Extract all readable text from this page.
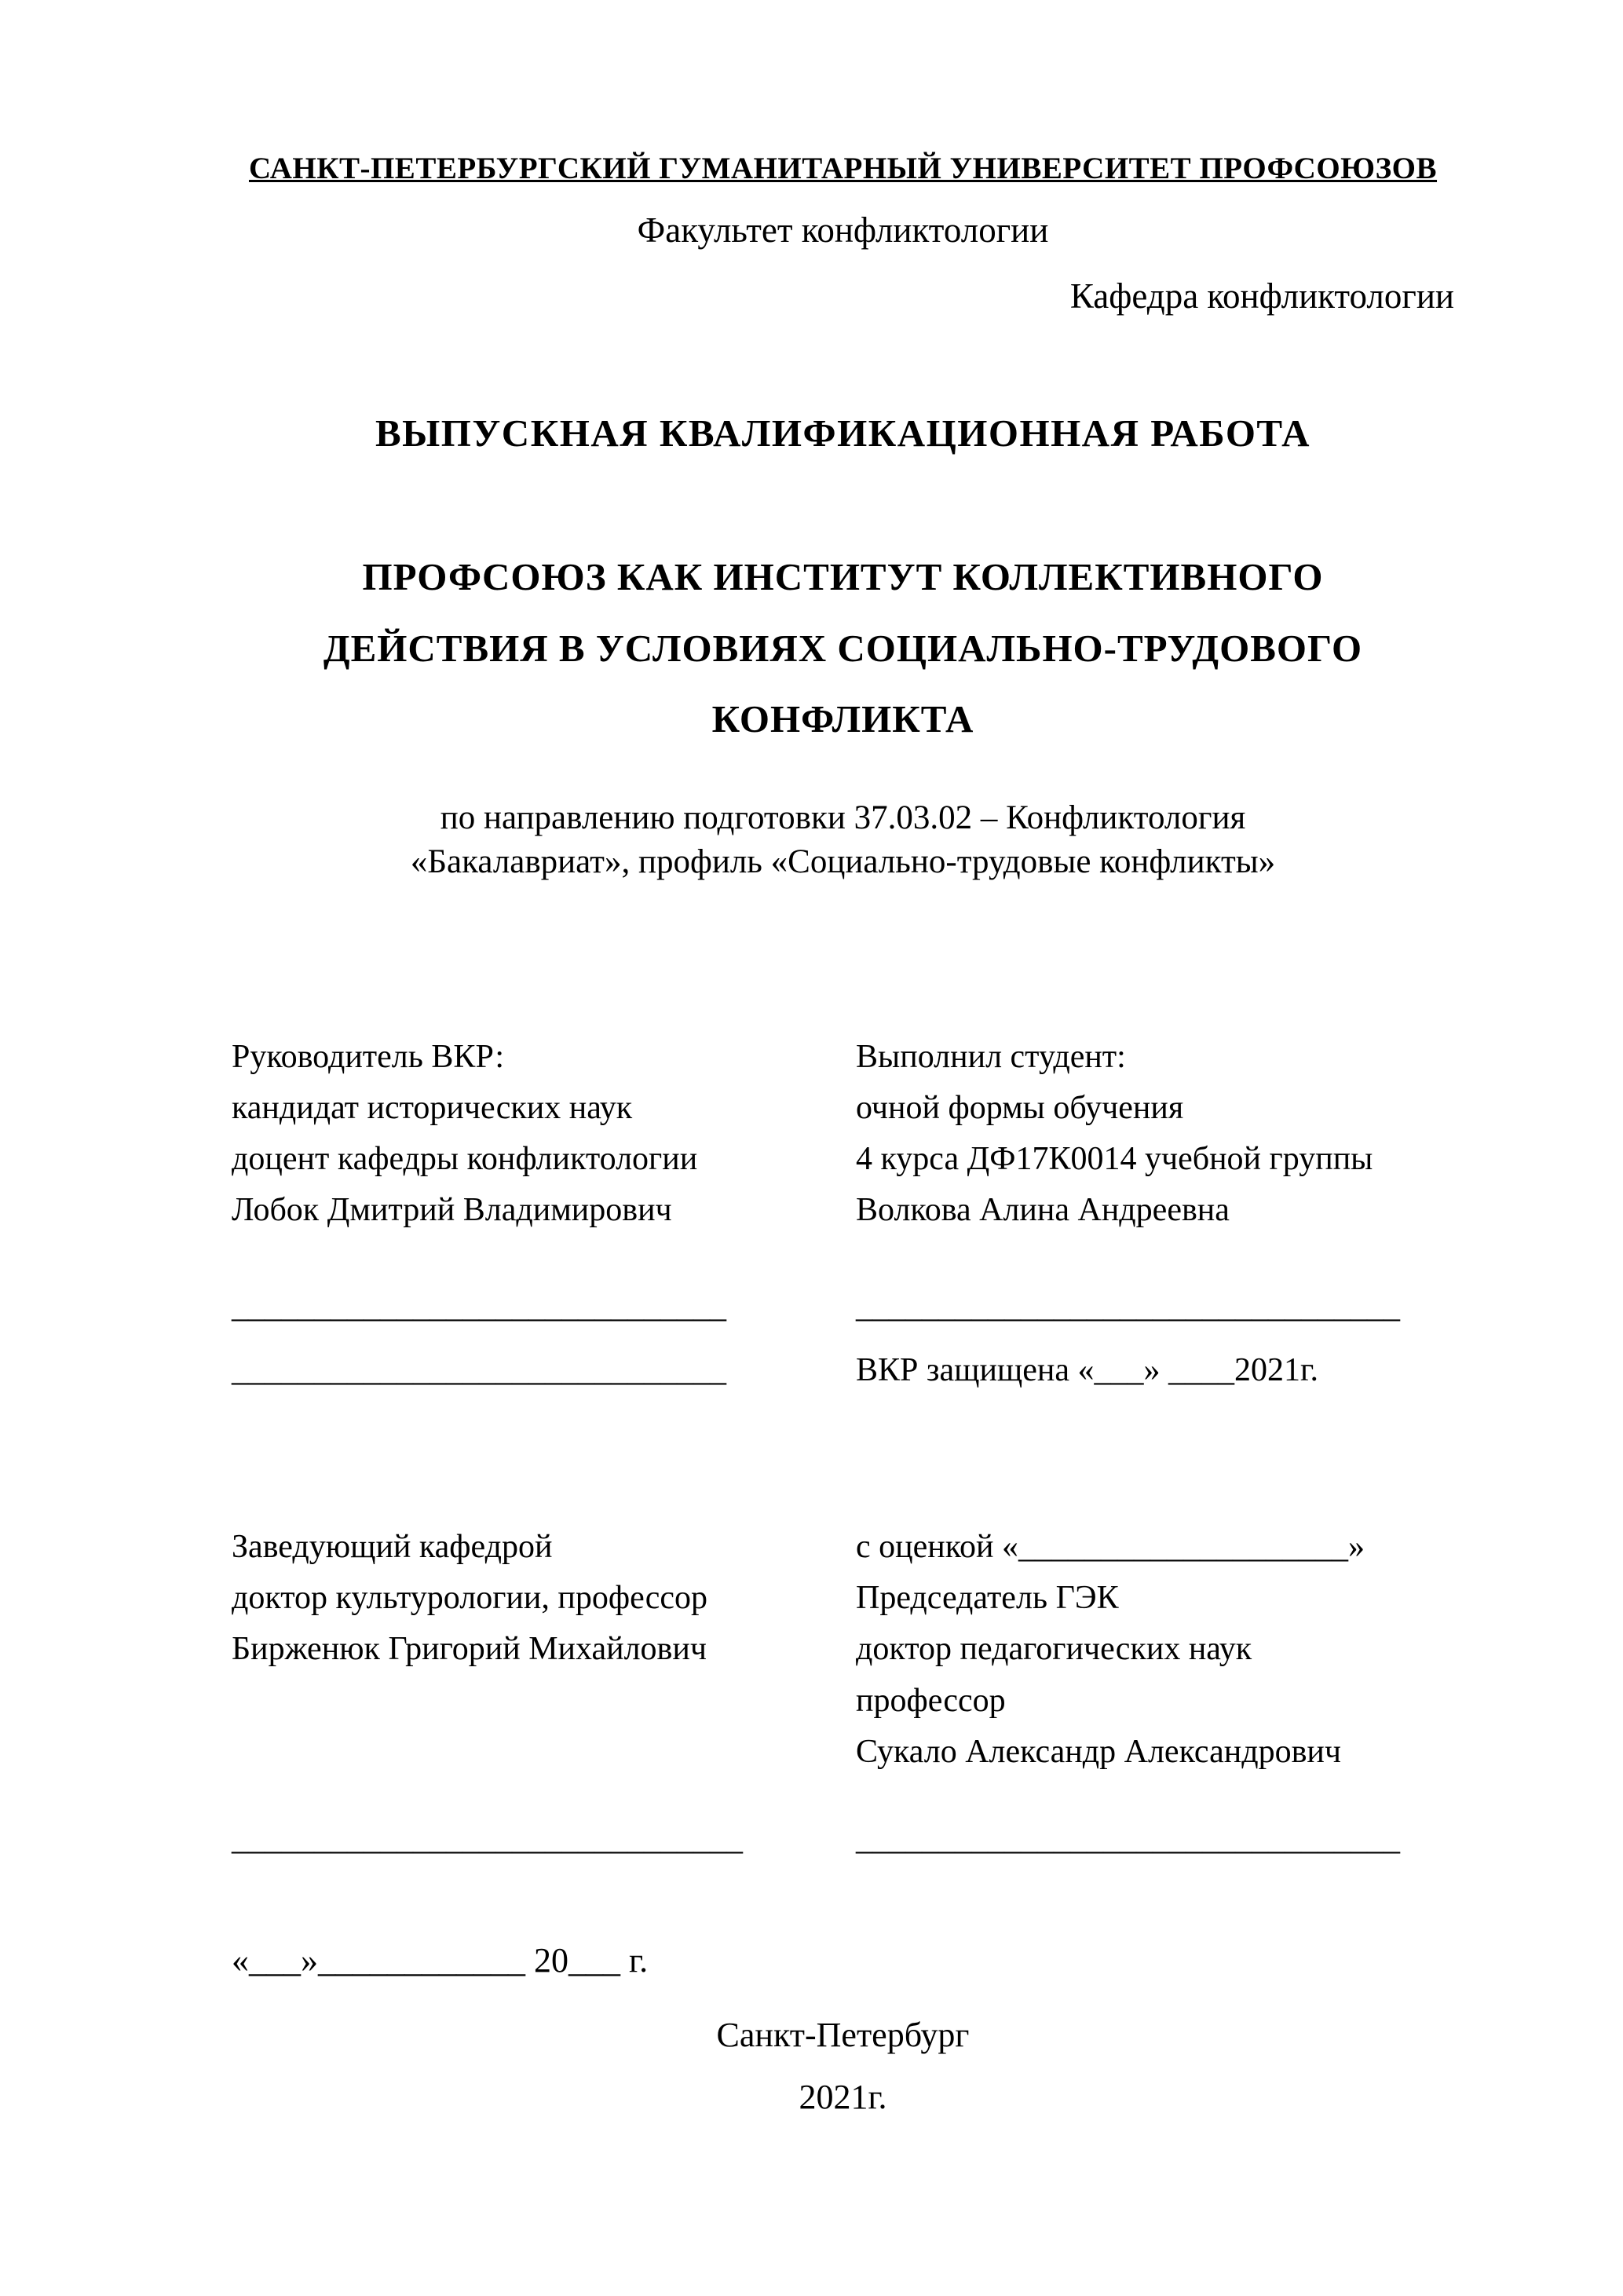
САНКТ-ПЕТЕРБУРГСКИЙ ГУМАНИТАРНЫЙ УНИВЕРСИТЕТ ПРОФСОЮЗОВ
Факультет конфликтологии
Кафедра конфликтологии
ВЫПУСКНАЯ КВАЛИФИКАЦИОННАЯ РАБОТА
ПРОФСОЮЗ КАК ИНСТИТУТ КОЛЛЕКТИВНОГО
ДЕЙСТВИЯ В УСЛОВИЯХ СОЦИАЛЬНО-ТРУДОВОГО
КОНФЛИКТА
по направлению подготовки 37.03.02 – Конфликтология
«Бакалавриат», профиль «Социально-трудовые конфликты»
Руководитель ВКР:
кандидат исторических наук
доцент кафедры конфликтологии
Лобок Дмитрий Владимирович
Выполнил студент:
очной формы обучения
4 курса ДФ17К0014 учебной группы
Волкова Алина Андреевна
______________________________	_________________________________
______________________________	ВКР защищена «___» ____2021г.
Заведующий кафедрой
доктор культурологии, профессор
Бирженюк Григорий Михайлович
с оценкой «____________________»
Председатель ГЭК
доктор педагогических наук
профессор
Сукало Александр Александрович
_______________________________	_________________________________
«___»____________ 20___ г.
Санкт-Петербург
2021г.
